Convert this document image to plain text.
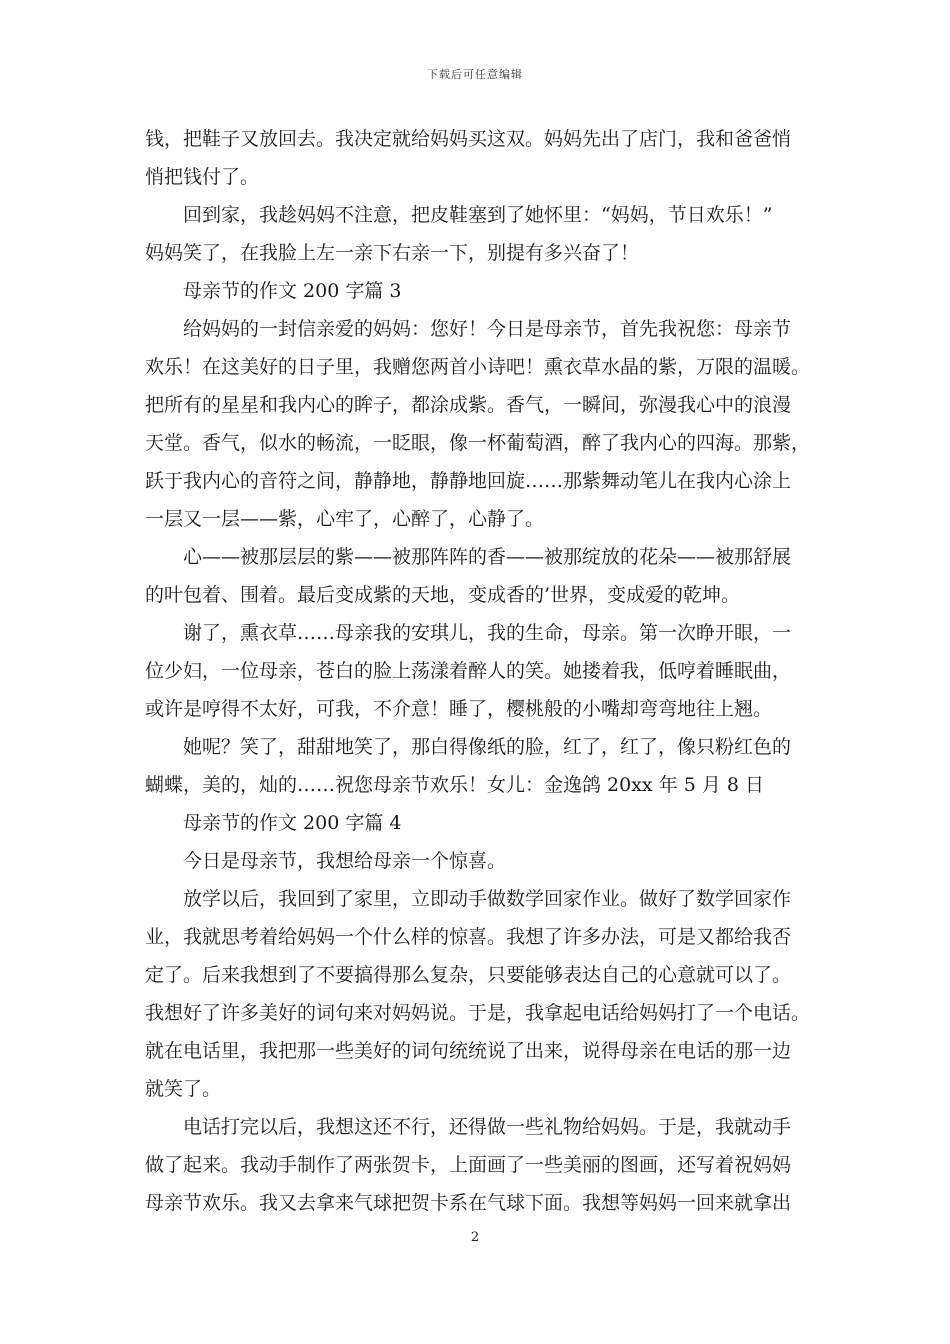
下载后可任意编辑
钱，把鞋子又放回去。我决定就给妈妈买这双。妈妈先出了店门，我和爸爸悄
悄把钱付了。
回到家，我趁妈妈不注意，把皮鞋塞到了她怀里：“妈妈，节日欢乐！”
妈妈笑了，在我脸上左一亲下右亲一下，别提有多兴奋了！
母亲节的作文 200 字篇 3
给妈妈的一封信亲爱的妈妈：您好！今日是母亲节，首先我祝您：母亲节
欢乐！在这美好的日子里，我赠您两首小诗吧！熏衣草水晶的紫，万限的温暖。
把所有的星星和我内心的眸子，都涂成紫。香气，一瞬间，弥漫我心中的浪漫
天堂。香气，似水的畅流，一眨眼，像一杯葡萄酒，醉了我内心的四海。那紫，
跃于我内心的音符之间，静静地，静静地回旋……那紫舞动笔儿在我内心涂上
一层又一层——紫，心牢了，心醉了，心静了。
心——被那层层的紫——被那阵阵的香——被那绽放的花朵——被那舒展
的叶包着、围着。最后变成紫的天地，变成香的’世界，变成爱的乾坤。
谢了，熏衣草……母亲我的安琪儿，我的生命，母亲。第一次睁开眼，一
位少妇，一位母亲，苍白的脸上荡漾着醉人的笑。她搂着我，低哼着睡眠曲，
或许是哼得不太好，可我，不介意！睡了，樱桃般的小嘴却弯弯地往上翘。
她呢？笑了，甜甜地笑了，那白得像纸的脸，红了，红了，像只粉红色的
蝴蝶，美的，灿的……祝您母亲节欢乐！女儿：金逸鸽 20xx 年 5 月 8 日
母亲节的作文 200 字篇 4
今日是母亲节，我想给母亲一个惊喜。
放学以后，我回到了家里，立即动手做数学回家作业。做好了数学回家作
业，我就思考着给妈妈一个什么样的惊喜。我想了许多办法，可是又都给我否
定了。后来我想到了不要搞得那么复杂，只要能够表达自己的心意就可以了。
我想好了许多美好的词句来对妈妈说。于是，我拿起电话给妈妈打了一个电话。
就在电话里，我把那一些美好的词句统统说了出来，说得母亲在电话的那一边
就笑了。
电话打完以后，我想这还不行，还得做一些礼物给妈妈。于是，我就动手
做了起来。我动手制作了两张贺卡，上面画了一些美丽的图画，还写着祝妈妈
母亲节欢乐。我又去拿来气球把贺卡系在气球下面。我想等妈妈一回来就拿出
2
